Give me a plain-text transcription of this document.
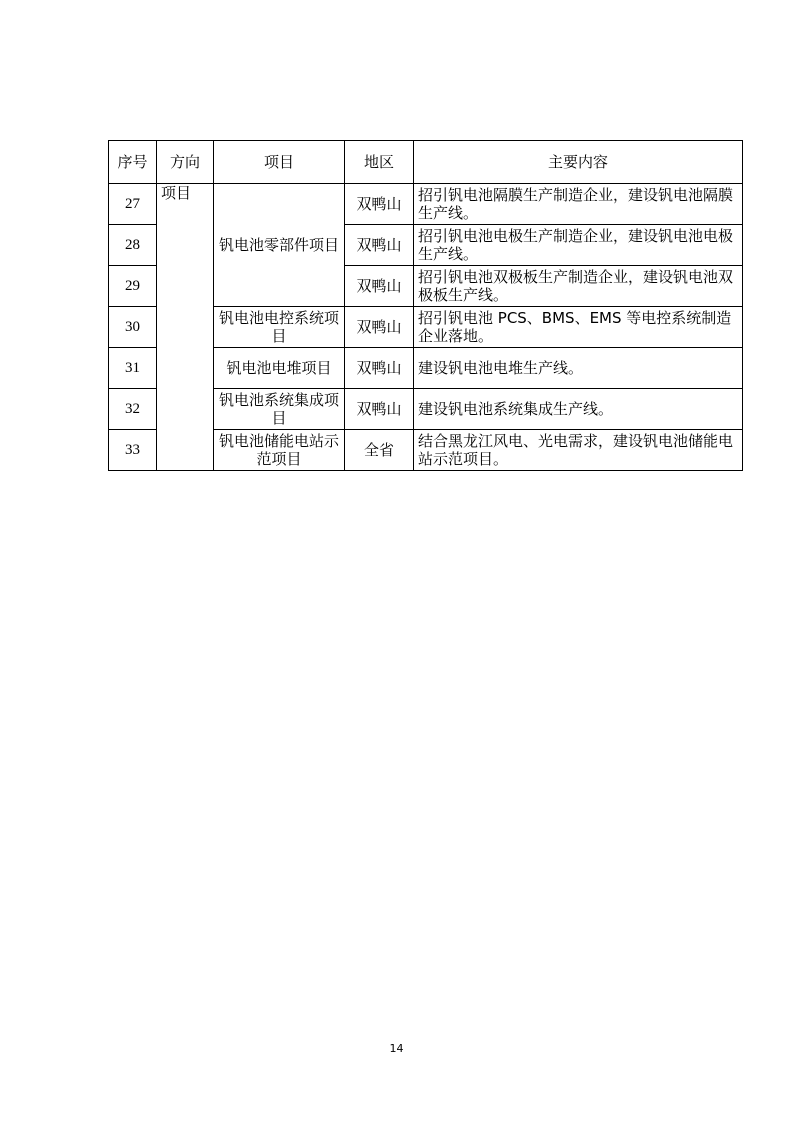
序号	方向	项目	地区	主要内容
27	项目	钒电池零部件项目	双鸭山	招引钒电池隔膜生产制造企业，建设钒电池隔膜生产线。
28			双鸭山	招引钒电池电极生产制造企业，建设钒电池电极生产线。
29			双鸭山	招引钒电池双极板生产制造企业，建设钒电池双极板生产线。
30		钒电池电控系统项目	双鸭山	招引钒电池 PCS、BMS、EMS 等电控系统制造企业落地。
31		钒电池电堆项目	双鸭山	建设钒电池电堆生产线。
32		钒电池系统集成项目	双鸭山	建设钒电池系统集成生产线。
33		钒电池储能电站示范项目	全省	结合黑龙江风电、光电需求，建设钒电池储能电站示范项目。
14
